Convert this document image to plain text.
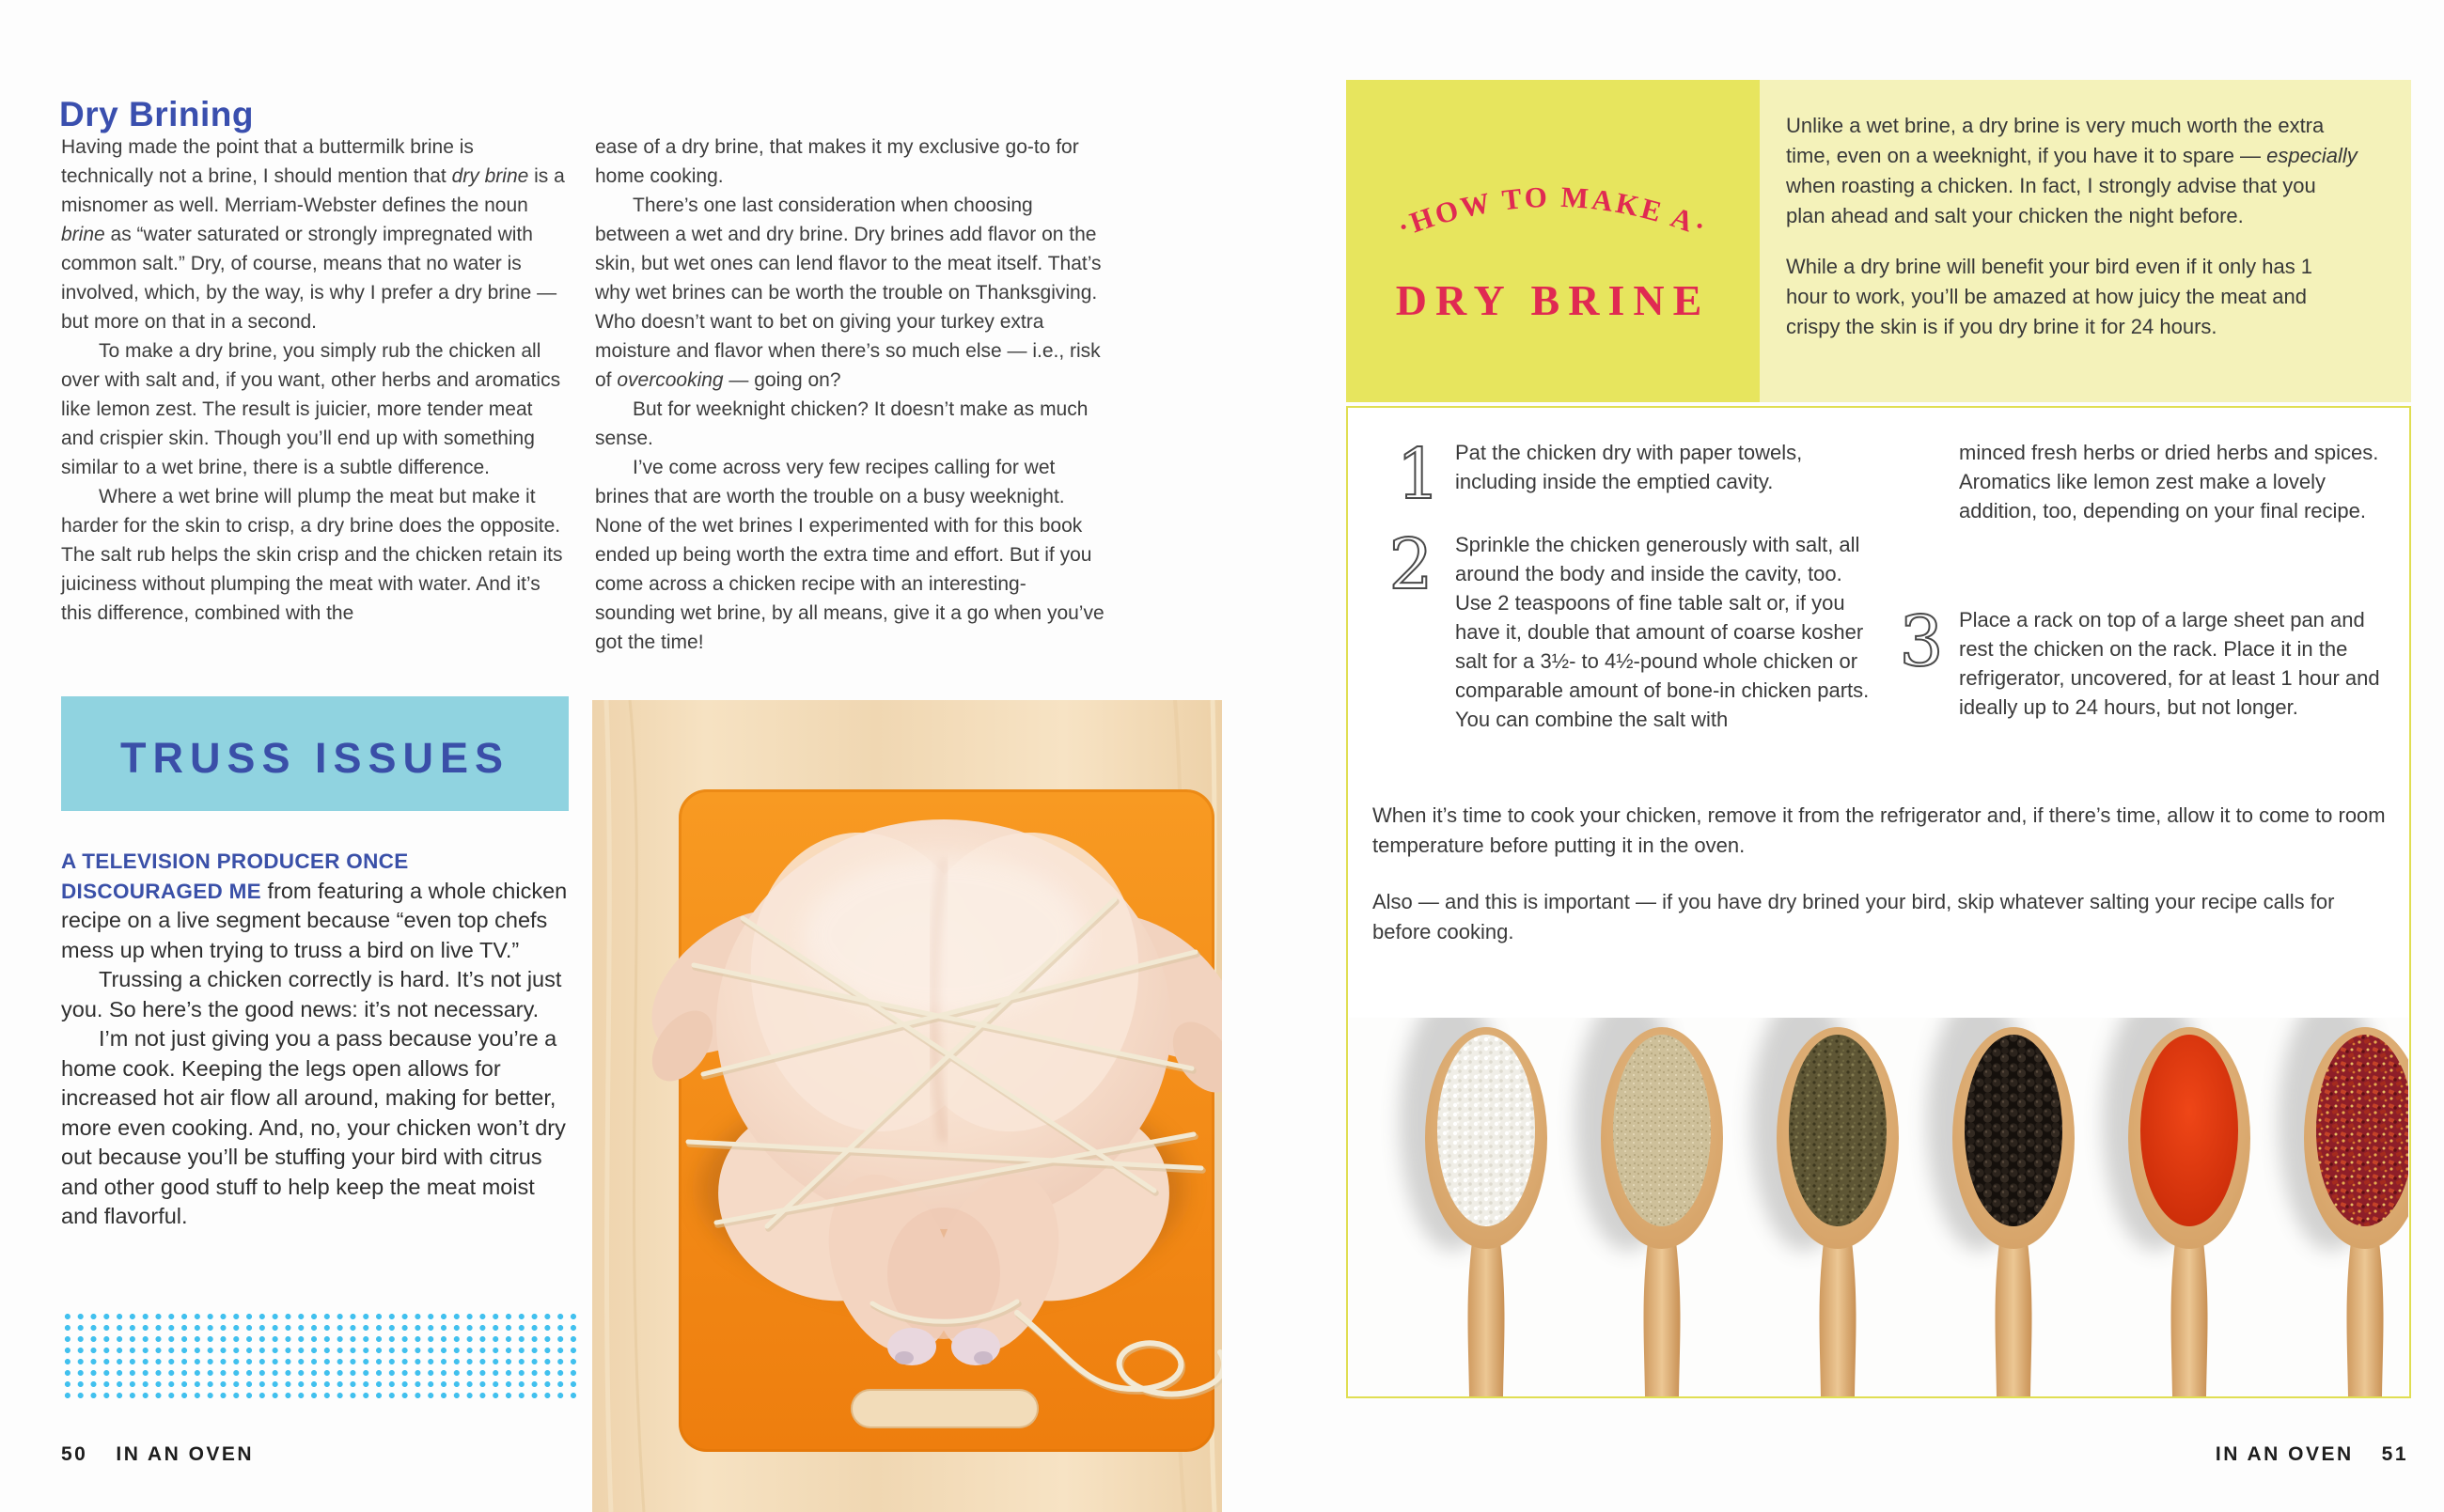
Dry Brining

Having made the point that a buttermilk brine is technically not a brine, I should mention that dry brine is a misnomer as well. Merriam-Webster defines the noun brine as “water saturated or strongly impregnated with common salt.” Dry, of course, means that no water is involved, which, by the way, is why I prefer a dry brine — but more on that in a second.

To make a dry brine, you simply rub the chicken all over with salt and, if you want, other herbs and aromatics like lemon zest. The result is juicier, more tender meat and crispier skin. Though you’ll end up with something similar to a wet brine, there is a subtle difference.

Where a wet brine will plump the meat but make it harder for the skin to crisp, a dry brine does the opposite. The salt rub helps the skin crisp and the chicken retain its juiciness without plumping the meat with water. And it’s this difference, combined with the

ease of a dry brine, that makes it my exclusive go-to for home cooking.

There’s one last consideration when choosing between a wet and dry brine. Dry brines add flavor on the skin, but wet ones can lend flavor to the meat itself. That’s why wet brines can be worth the trouble on Thanksgiving. Who doesn’t want to bet on giving your turkey extra moisture and flavor when there’s so much else — i.e., risk of overcooking — going on?

But for weeknight chicken? It doesn’t make as much sense.

I’ve come across very few recipes calling for wet brines that are worth the trouble on a busy weeknight. None of the wet brines I experimented with for this book ended up being worth the extra time and effort. But if you come across a chicken recipe with an interesting-sounding wet brine, by all means, give it a go when you’ve got the time!

TRUSS ISSUES

A TELEVISION PRODUCER ONCE DISCOURAGED ME from featuring a whole chicken recipe on a live segment because “even top chefs mess up when trying to truss a bird on live TV.”

Trussing a chicken correctly is hard. It’s not just you. So here’s the good news: it’s not necessary.

I’m not just giving you a pass because you’re a home cook. Keeping the legs open allows for increased hot air flow all around, making for better, more even cooking. And, no, your chicken won’t dry out because you’ll be stuffing your bird with citrus and other good stuff to help keep the meat moist and flavorful.

50 IN AN OVEN
·HOW TO MAKE A·
DRY BRINE

Unlike a wet brine, a dry brine is very much worth the extra time, even on a weeknight, if you have it to spare — especially when roasting a chicken. In fact, I strongly advise that you plan ahead and salt your chicken the night before.

While a dry brine will benefit your bird even if it only has 1 hour to work, you’ll be amazed at how juicy the meat and crispy the skin is if you dry brine it for 24 hours.

1 Pat the chicken dry with paper towels, including inside the emptied cavity.

2 Sprinkle the chicken generously with salt, all around the body and inside the cavity, too. Use 2 teaspoons of fine table salt or, if you have it, double that amount of coarse kosher salt for a 3½- to 4½-pound whole chicken or comparable amount of bone-in chicken parts. You can combine the salt with

minced fresh herbs or dried herbs and spices. Aromatics like lemon zest make a lovely addition, too, depending on your final recipe.

3 Place a rack on top of a large sheet pan and rest the chicken on the rack. Place it in the refrigerator, uncovered, for at least 1 hour and ideally up to 24 hours, but not longer.

When it’s time to cook your chicken, remove it from the refrigerator and, if there’s time, allow it to come to room temperature before putting it in the oven.

Also — and this is important — if you have dry brined your bird, skip whatever salting your recipe calls for before cooking.

IN AN OVEN 51
